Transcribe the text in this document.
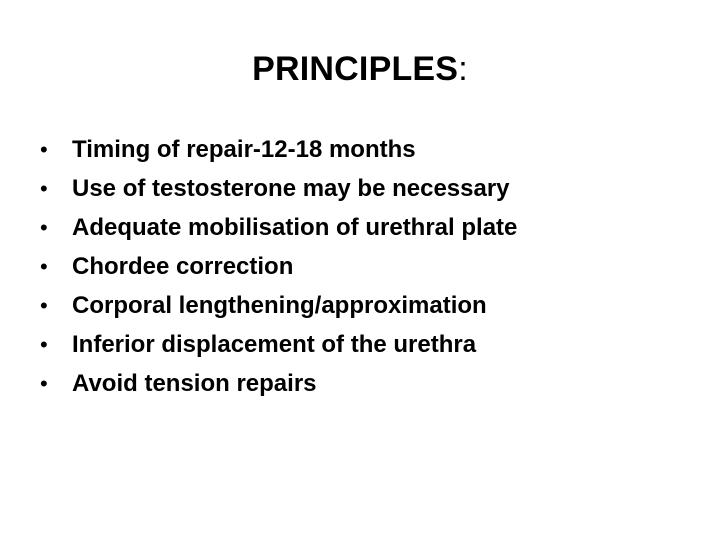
PRINCIPLES:
•	Timing of repair-12-18 months
•	Use of testosterone may be necessary
•	Adequate mobilisation of urethral plate
•	Chordee correction
•	Corporal lengthening/approximation
•	Inferior displacement of the urethra
•	Avoid tension repairs
